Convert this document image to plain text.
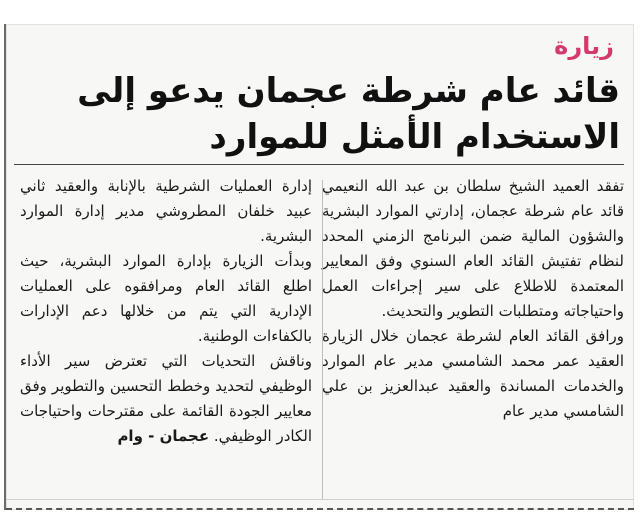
زيارة
قائد عام شرطة عجمان يدعو إلى الاستخدام الأمثل للموارد

تفقد العميد الشيخ سلطان بن عبد الله النعيمي قائد عام شرطة عجمان، إدارتي الموارد البشرية والشؤون المالية ضمن البرنامج الزمني المحدد لنظام تفتيش القائد العام السنوي وفق المعايير المعتمدة للاطلاع على سير إجراءات العمل واحتياجاته ومتطلبات التطوير والتحديث.

ورافق القائد العام لشرطة عجمان خلال الزيارة العقيد عمر محمد الشامسي مدير عام الموارد والخدمات المساندة والعقيد عبدالعزيز بن علي الشامسي مدير عام

إدارة العمليات الشرطية بالإنابة والعقيد ثاني عبيد خلفان المطروشي مدير إدارة الموارد البشرية.

وبدأت الزيارة بإدارة الموارد البشرية، حيث اطلع القائد العام ومرافقوه على العمليات الإدارية التي يتم من خلالها دعم الإدارات بالكفاءات الوطنية.

وناقش التحديات التي تعترض سير الأداء الوظيفي لتحديد وخطط التحسين والتطوير وفق معايير الجودة القائمة على مقترحات واحتياجات الكادر الوظيفي. عجمان - وام
